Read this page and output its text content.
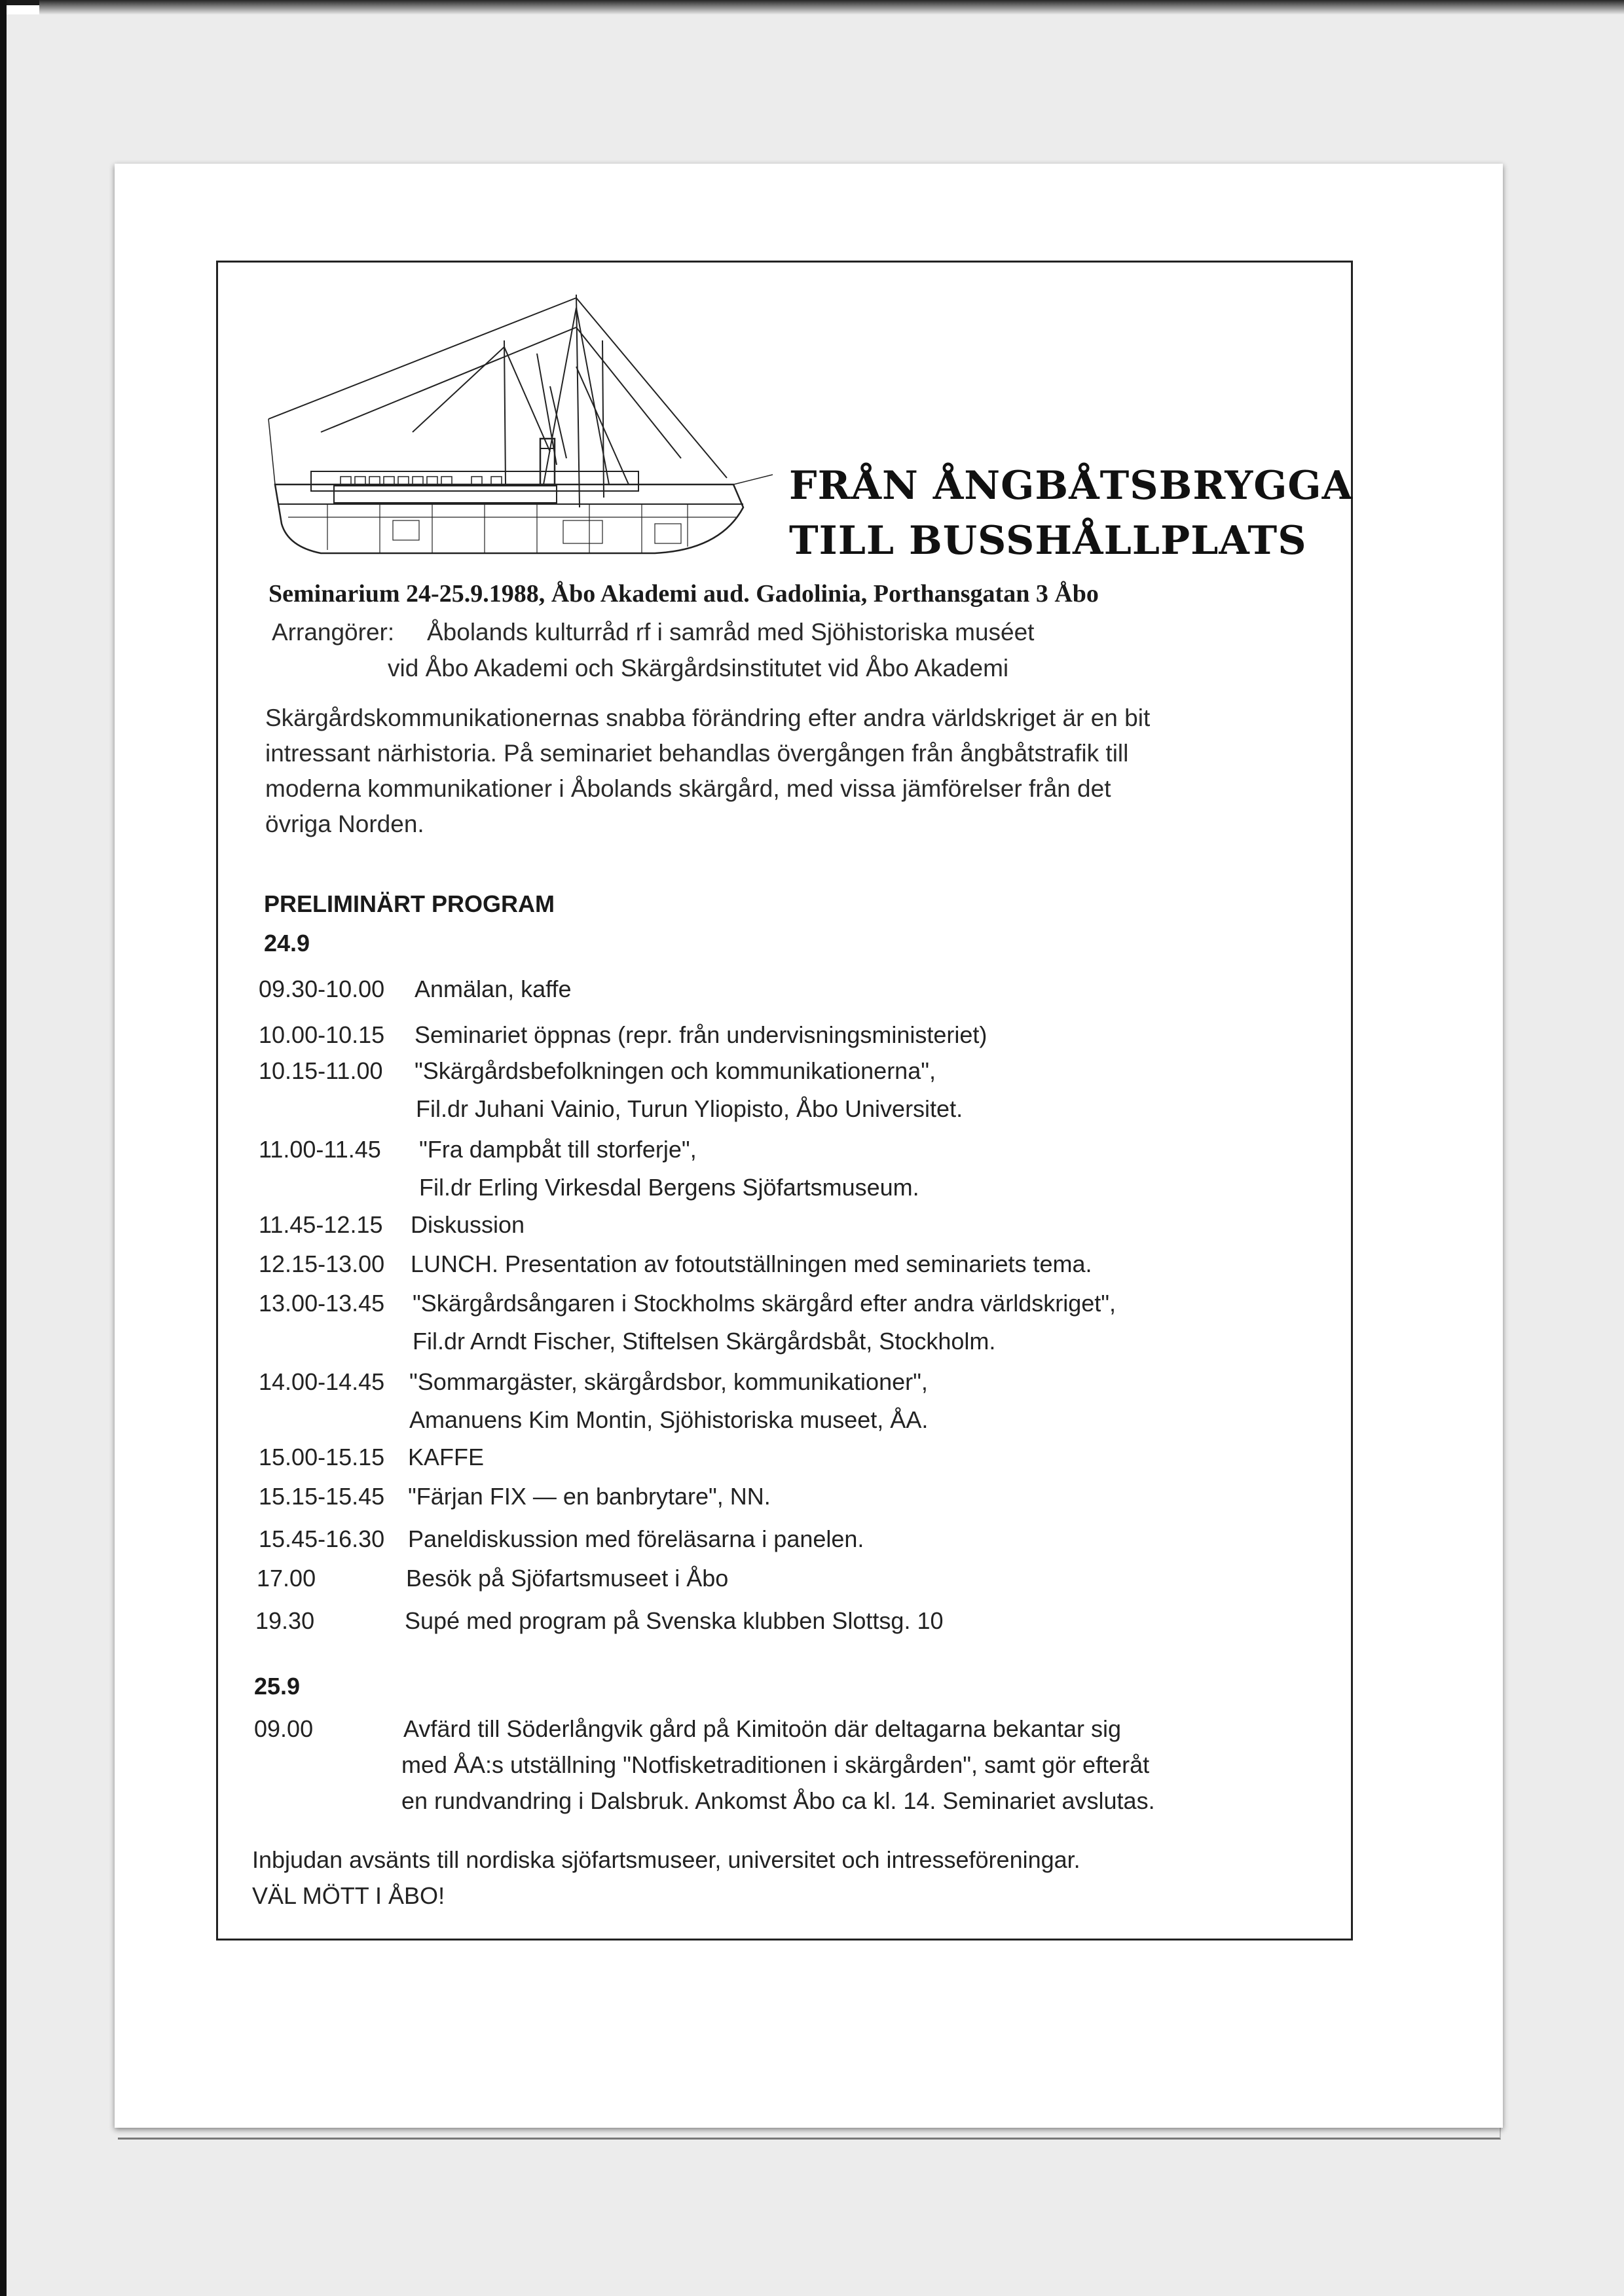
FRÅN ÅNGBÅTSBRYGGA
TILL BUSSHÅLLPLATS
Seminarium 24-25.9.1988, Åbo Akademi aud. Gadolinia, Porthansgatan 3 Åbo
Arrangörer: Åbolands kulturråd rf i samråd med Sjöhistoriska muséet
vid Åbo Akademi och Skärgårdsinstitutet vid Åbo Akademi
Skärgårdskommunikationernas snabba förändring efter andra världskriget är en bit
intressant närhistoria. På seminariet behandlas övergången från ångbåtstrafik till
moderna kommunikationer i Åbolands skärgård, med vissa jämförelser från det
övriga Norden.
PRELIMINÄRT PROGRAM
24.9
09.30-10.00 Anmälan, kaffe
10.00-10.15 Seminariet öppnas (repr. från undervisningsministeriet)
10.15-11.00 "Skärgårdsbefolkningen och kommunikationerna",
Fil.dr Juhani Vainio, Turun Yliopisto, Åbo Universitet.
11.00-11.45 "Fra dampbåt till storferje",
Fil.dr Erling Virkesdal Bergens Sjöfartsmuseum.
11.45-12.15 Diskussion
12.15-13.00 LUNCH. Presentation av fotoutställningen med seminariets tema.
13.00-13.45 "Skärgårdsångaren i Stockholms skärgård efter andra världskriget",
Fil.dr Arndt Fischer, Stiftelsen Skärgårdsbåt, Stockholm.
14.00-14.45 "Sommargäster, skärgårdsbor, kommunikationer",
Amanuens Kim Montin, Sjöhistoriska museet, ÅA.
15.00-15.15 KAFFE
15.15-15.45 "Färjan FIX — en banbrytare", NN.
15.45-16.30 Paneldiskussion med föreläsarna i panelen.
17.00	Besök på Sjöfartsmuseet i Åbo
19.30	Supé med program på Svenska klubben Slottsg. 10
25.9
09.00	Avfärd till Söderlångvik gård på Kimitoön där deltagarna bekantar sig
med ÅA:s utställning "Notfisketraditionen i skärgården", samt gör efteråt
en rundvandring i Dalsbruk. Ankomst Åbo ca kl. 14. Seminariet avslutas.
Inbjudan avsänts till nordiska sjöfartsmuseer, universitet och intresseföreningar.
VÄL MÖTT I ÅBO!
